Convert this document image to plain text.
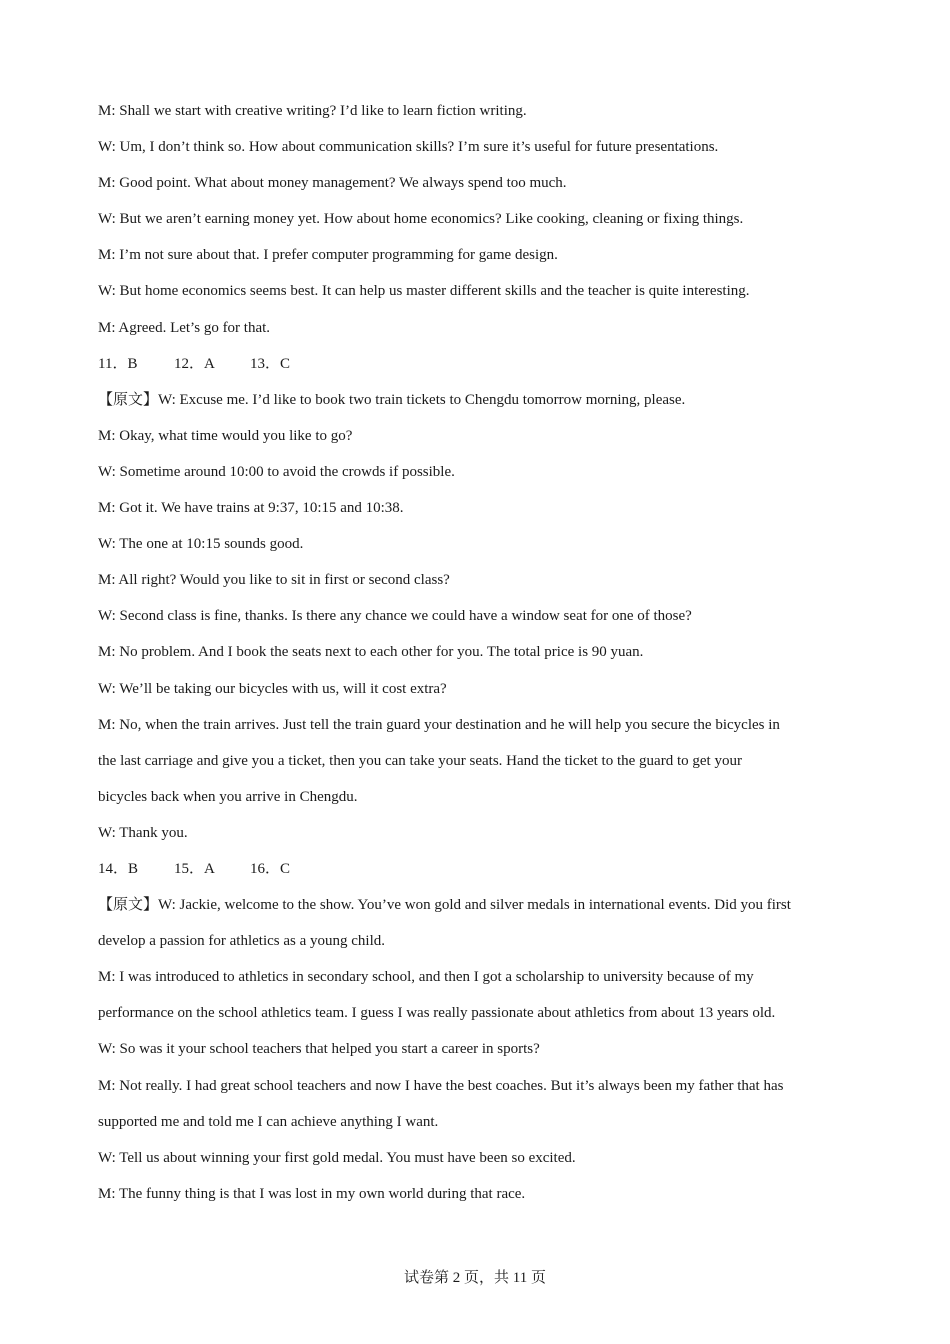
M: Shall we start with creative writing? I’d like to learn fiction writing.
W: Um, I don’t think so. How about communication skills? I’m sure it’s useful for future presentations.
M: Good point. What about money management? We always spend too much.
W: But we aren’t earning money yet. How about home economics? Like cooking, cleaning or fixing things.
M: I’m not sure about that. I prefer computer programming for game design.
W: But home economics seems best. It can help us master different skills and the teacher is quite interesting.
M: Agreed. Let’s go for that.
11．B 12．A 13．C
【原文】W: Excuse me. I’d like to book two train tickets to Chengdu tomorrow morning, please.
M: Okay, what time would you like to go?
W: Sometime around 10:00 to avoid the crowds if possible.
M: Got it. We have trains at 9:37, 10:15 and 10:38.
W: The one at 10:15 sounds good.
M: All right? Would you like to sit in first or second class?
W: Second class is fine, thanks. Is there any chance we could have a window seat for one of those?
M: No problem. And I book the seats next to each other for you. The total price is 90 yuan.
W: We’ll be taking our bicycles with us, will it cost extra?
M: No, when the train arrives. Just tell the train guard your destination and he will help you secure the bicycles in
the last carriage and give you a ticket, then you can take your seats. Hand the ticket to the guard to get your
bicycles back when you arrive in Chengdu.
W: Thank you.
14．B 15．A 16．C
【原文】W: Jackie, welcome to the show. You’ve won gold and silver medals in international events. Did you first
develop a passion for athletics as a young child.
M: I was introduced to athletics in secondary school, and then I got a scholarship to university because of my
performance on the school athletics team. I guess I was really passionate about athletics from about 13 years old.
W: So was it your school teachers that helped you start a career in sports?
M: Not really. I had great school teachers and now I have the best coaches. But it’s always been my father that has
supported me and told me I can achieve anything I want.
W: Tell us about winning your first gold medal. You must have been so excited.
M: The funny thing is that I was lost in my own world during that race.
试卷第 2 页，共 11 页
